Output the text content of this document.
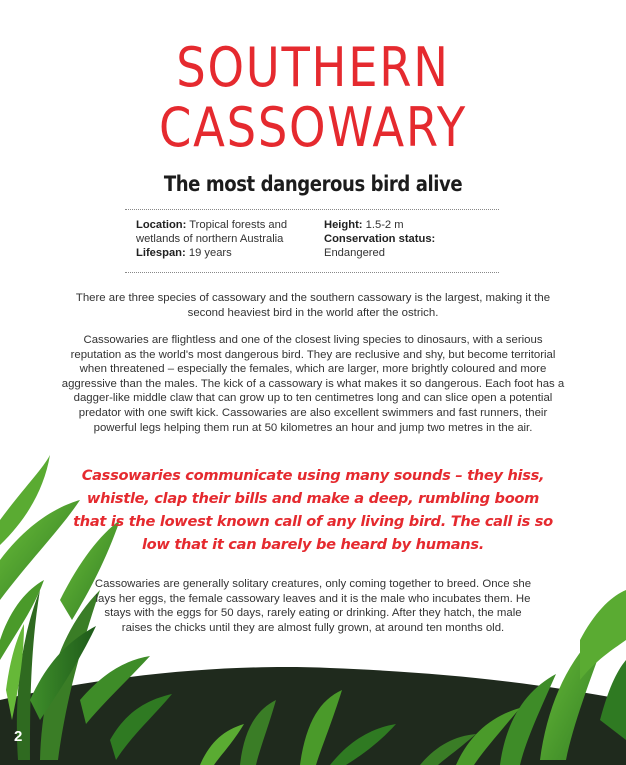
SOUTHERN
CASSOWARY
The most dangerous bird alive
Location: Tropical forests and wetlands of northern Australia
Lifespan: 19 years
Height: 1.5-2 m
Conservation status:
Endangered
There are three species of cassowary and the southern cassowary is the largest, making it the second heaviest bird in the world after the ostrich.
Cassowaries are flightless and one of the closest living species to dinosaurs, with a serious reputation as the world's most dangerous bird. They are reclusive and shy, but become territorial when threatened – especially the females, which are larger, more brightly coloured and more aggressive than the males. The kick of a cassowary is what makes it so dangerous. Each foot has a dagger-like middle claw that can grow up to ten centimetres long and can slice open a potential predator with one swift kick. Cassowaries are also excellent swimmers and fast runners, their powerful legs helping them run at 50 kilometres an hour and jump two metres in the air.
Cassowaries communicate using many sounds – they hiss, whistle, clap their bills and make a deep, rumbling boom that is the lowest known call of any living bird. The call is so low that it can barely be heard by humans.
Cassowaries are generally solitary creatures, only coming together to breed. Once she lays her eggs, the female cassowary leaves and it is the male who incubates them. He stays with the eggs for 50 days, rarely eating or drinking. After they hatch, the male raises the chicks until they are almost fully grown, at around ten months old.
2
